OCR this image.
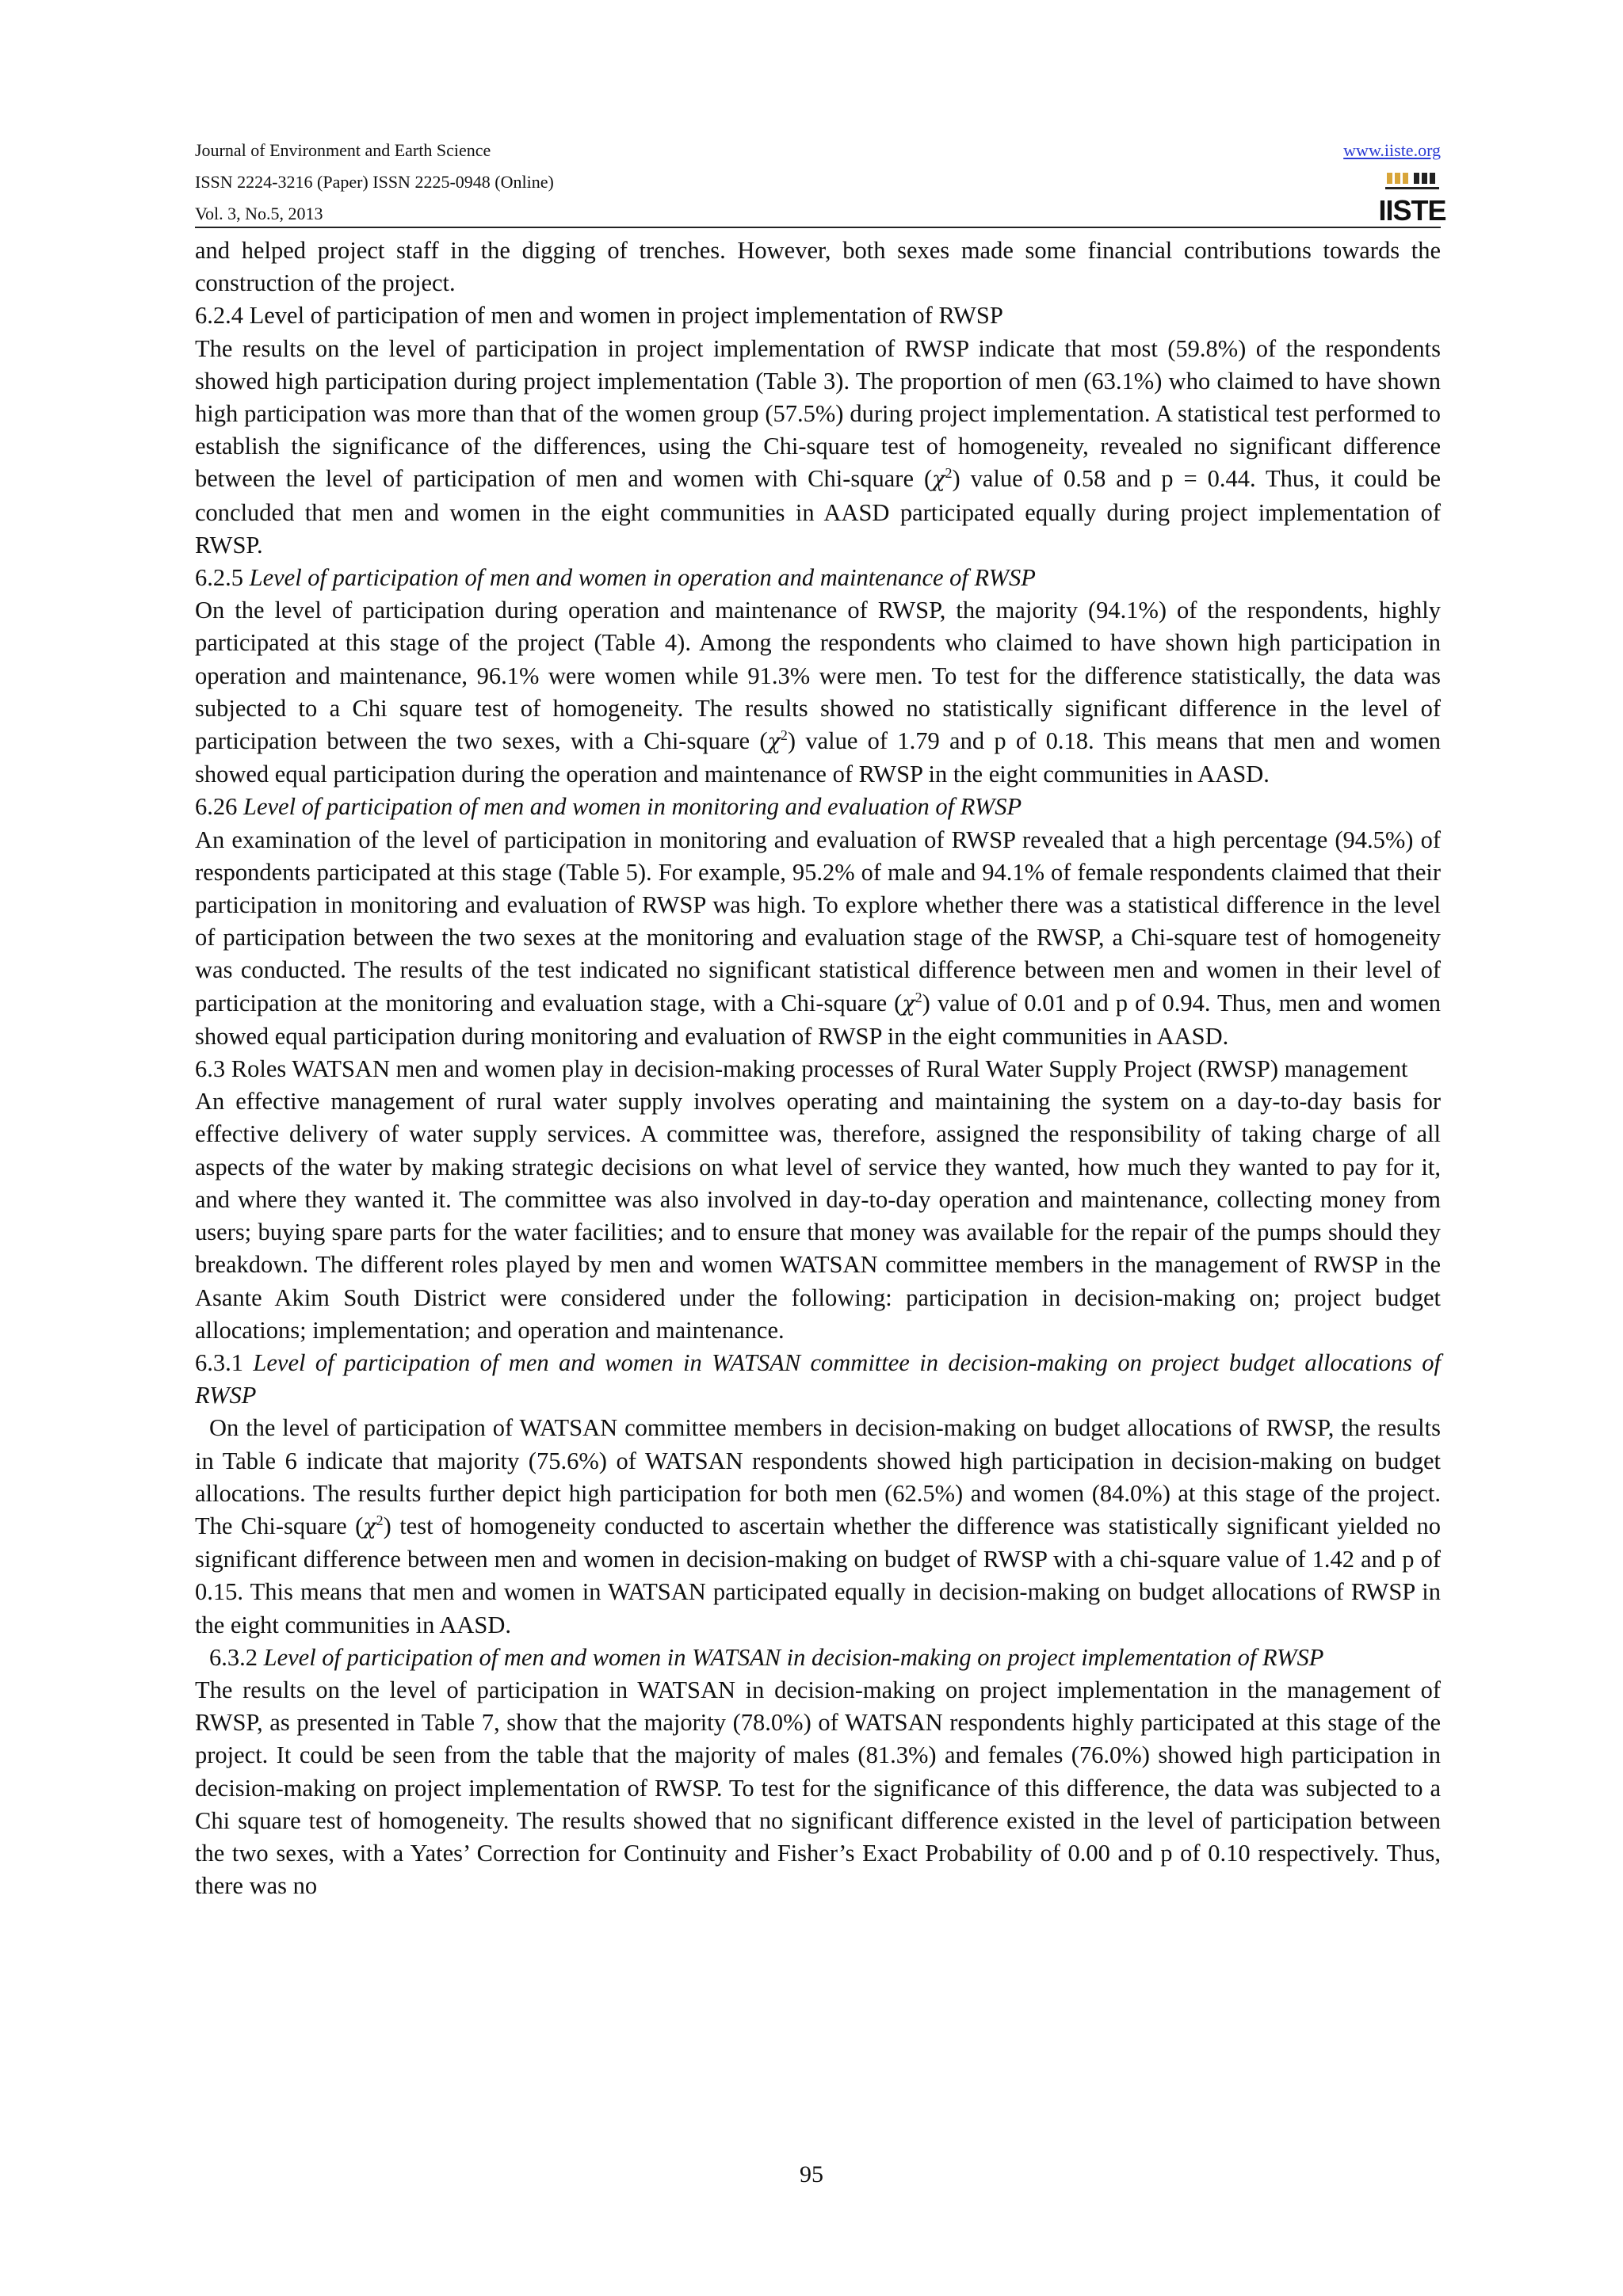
Journal of Environment and Earth Science
ISSN 2224-3216 (Paper) ISSN 2225-0948 (Online)
Vol. 3, No.5, 2013
www.iiste.org
IISTE

and helped project staff in the digging of trenches. However, both sexes made some financial contributions towards the construction of the project.

6.2.4 Level of participation of men and women in project implementation of RWSP

The results on the level of participation in project implementation of RWSP indicate that most (59.8%) of the respondents showed high participation during project implementation (Table 3). The proportion of men (63.1%) who claimed to have shown high participation was more than that of the women group (57.5%) during project implementation. A statistical test performed to establish the significance of the differences, using the Chi-square test of homogeneity, revealed no significant difference between the level of participation of men and women with Chi-square $(\chi^2)$ value of 0.58 and p = 0.44. Thus, it could be concluded that men and women in the eight communities in AASD participated equally during project implementation of RWSP.

6.2.5 Level of participation of men and women in operation and maintenance of RWSP

On the level of participation during operation and maintenance of RWSP, the majority (94.1%) of the respondents, highly participated at this stage of the project (Table 4). Among the respondents who claimed to have shown high participation in operation and maintenance, 96.1% were women while 91.3% were men. To test for the difference statistically, the data was subjected to a Chi square test of homogeneity. The results showed no statistically significant difference in the level of participation between the two sexes, with a Chi-square $(\chi^2)$ value of 1.79 and p of 0.18. This means that men and women showed equal participation during the operation and maintenance of RWSP in the eight communities in AASD.

6.26 Level of participation of men and women in monitoring and evaluation of RWSP

An examination of the level of participation in monitoring and evaluation of RWSP revealed that a high percentage (94.5%) of respondents participated at this stage (Table 5). For example, 95.2% of male and 94.1% of female respondents claimed that their participation in monitoring and evaluation of RWSP was high. To explore whether there was a statistical difference in the level of participation between the two sexes at the monitoring and evaluation stage of the RWSP, a Chi-square test of homogeneity was conducted. The results of the test indicated no significant statistical difference between men and women in their level of participation at the monitoring and evaluation stage, with a Chi-square $(\chi^2)$ value of 0.01 and p of 0.94. Thus, men and women showed equal participation during monitoring and evaluation of RWSP in the eight communities in AASD.

6.3 Roles WATSAN men and women play in decision-making processes of Rural Water Supply Project (RWSP) management

An effective management of rural water supply involves operating and maintaining the system on a day-to-day basis for effective delivery of water supply services. A committee was, therefore, assigned the responsibility of taking charge of all aspects of the water by making strategic decisions on what level of service they wanted, how much they wanted to pay for it, and where they wanted it. The committee was also involved in day-to-day operation and maintenance, collecting money from users; buying spare parts for the water facilities; and to ensure that money was available for the repair of the pumps should they breakdown. The different roles played by men and women WATSAN committee members in the management of RWSP in the Asante Akim South District were considered under the following: participation in decision-making on; project budget allocations; implementation; and operation and maintenance.

6.3.1 Level of participation of men and women in WATSAN committee in decision-making on project budget allocations of RWSP

On the level of participation of WATSAN committee members in decision-making on budget allocations of RWSP, the results in Table 6 indicate that majority (75.6%) of WATSAN respondents showed high participation in decision-making on budget allocations. The results further depict high participation for both men (62.5%) and women (84.0%) at this stage of the project. The Chi-square $(\chi^2)$ test of homogeneity conducted to ascertain whether the difference was statistically significant yielded no significant difference between men and women in decision-making on budget of RWSP with a chi-square value of 1.42 and p of 0.15. This means that men and women in WATSAN participated equally in decision-making on budget allocations of RWSP in the eight communities in AASD.

6.3.2 Level of participation of men and women in WATSAN in decision-making on project implementation of RWSP

The results on the level of participation in WATSAN in decision-making on project implementation in the management of RWSP, as presented in Table 7, show that the majority (78.0%) of WATSAN respondents highly participated at this stage of the project. It could be seen from the table that the majority of males (81.3%) and females (76.0%) showed high participation in decision-making on project implementation of RWSP. To test for the significance of this difference, the data was subjected to a Chi square test of homogeneity. The results showed that no significant difference existed in the level of participation between the two sexes, with a Yates’ Correction for Continuity and Fisher’s Exact Probability of 0.00 and p of 0.10 respectively. Thus, there was no

95
